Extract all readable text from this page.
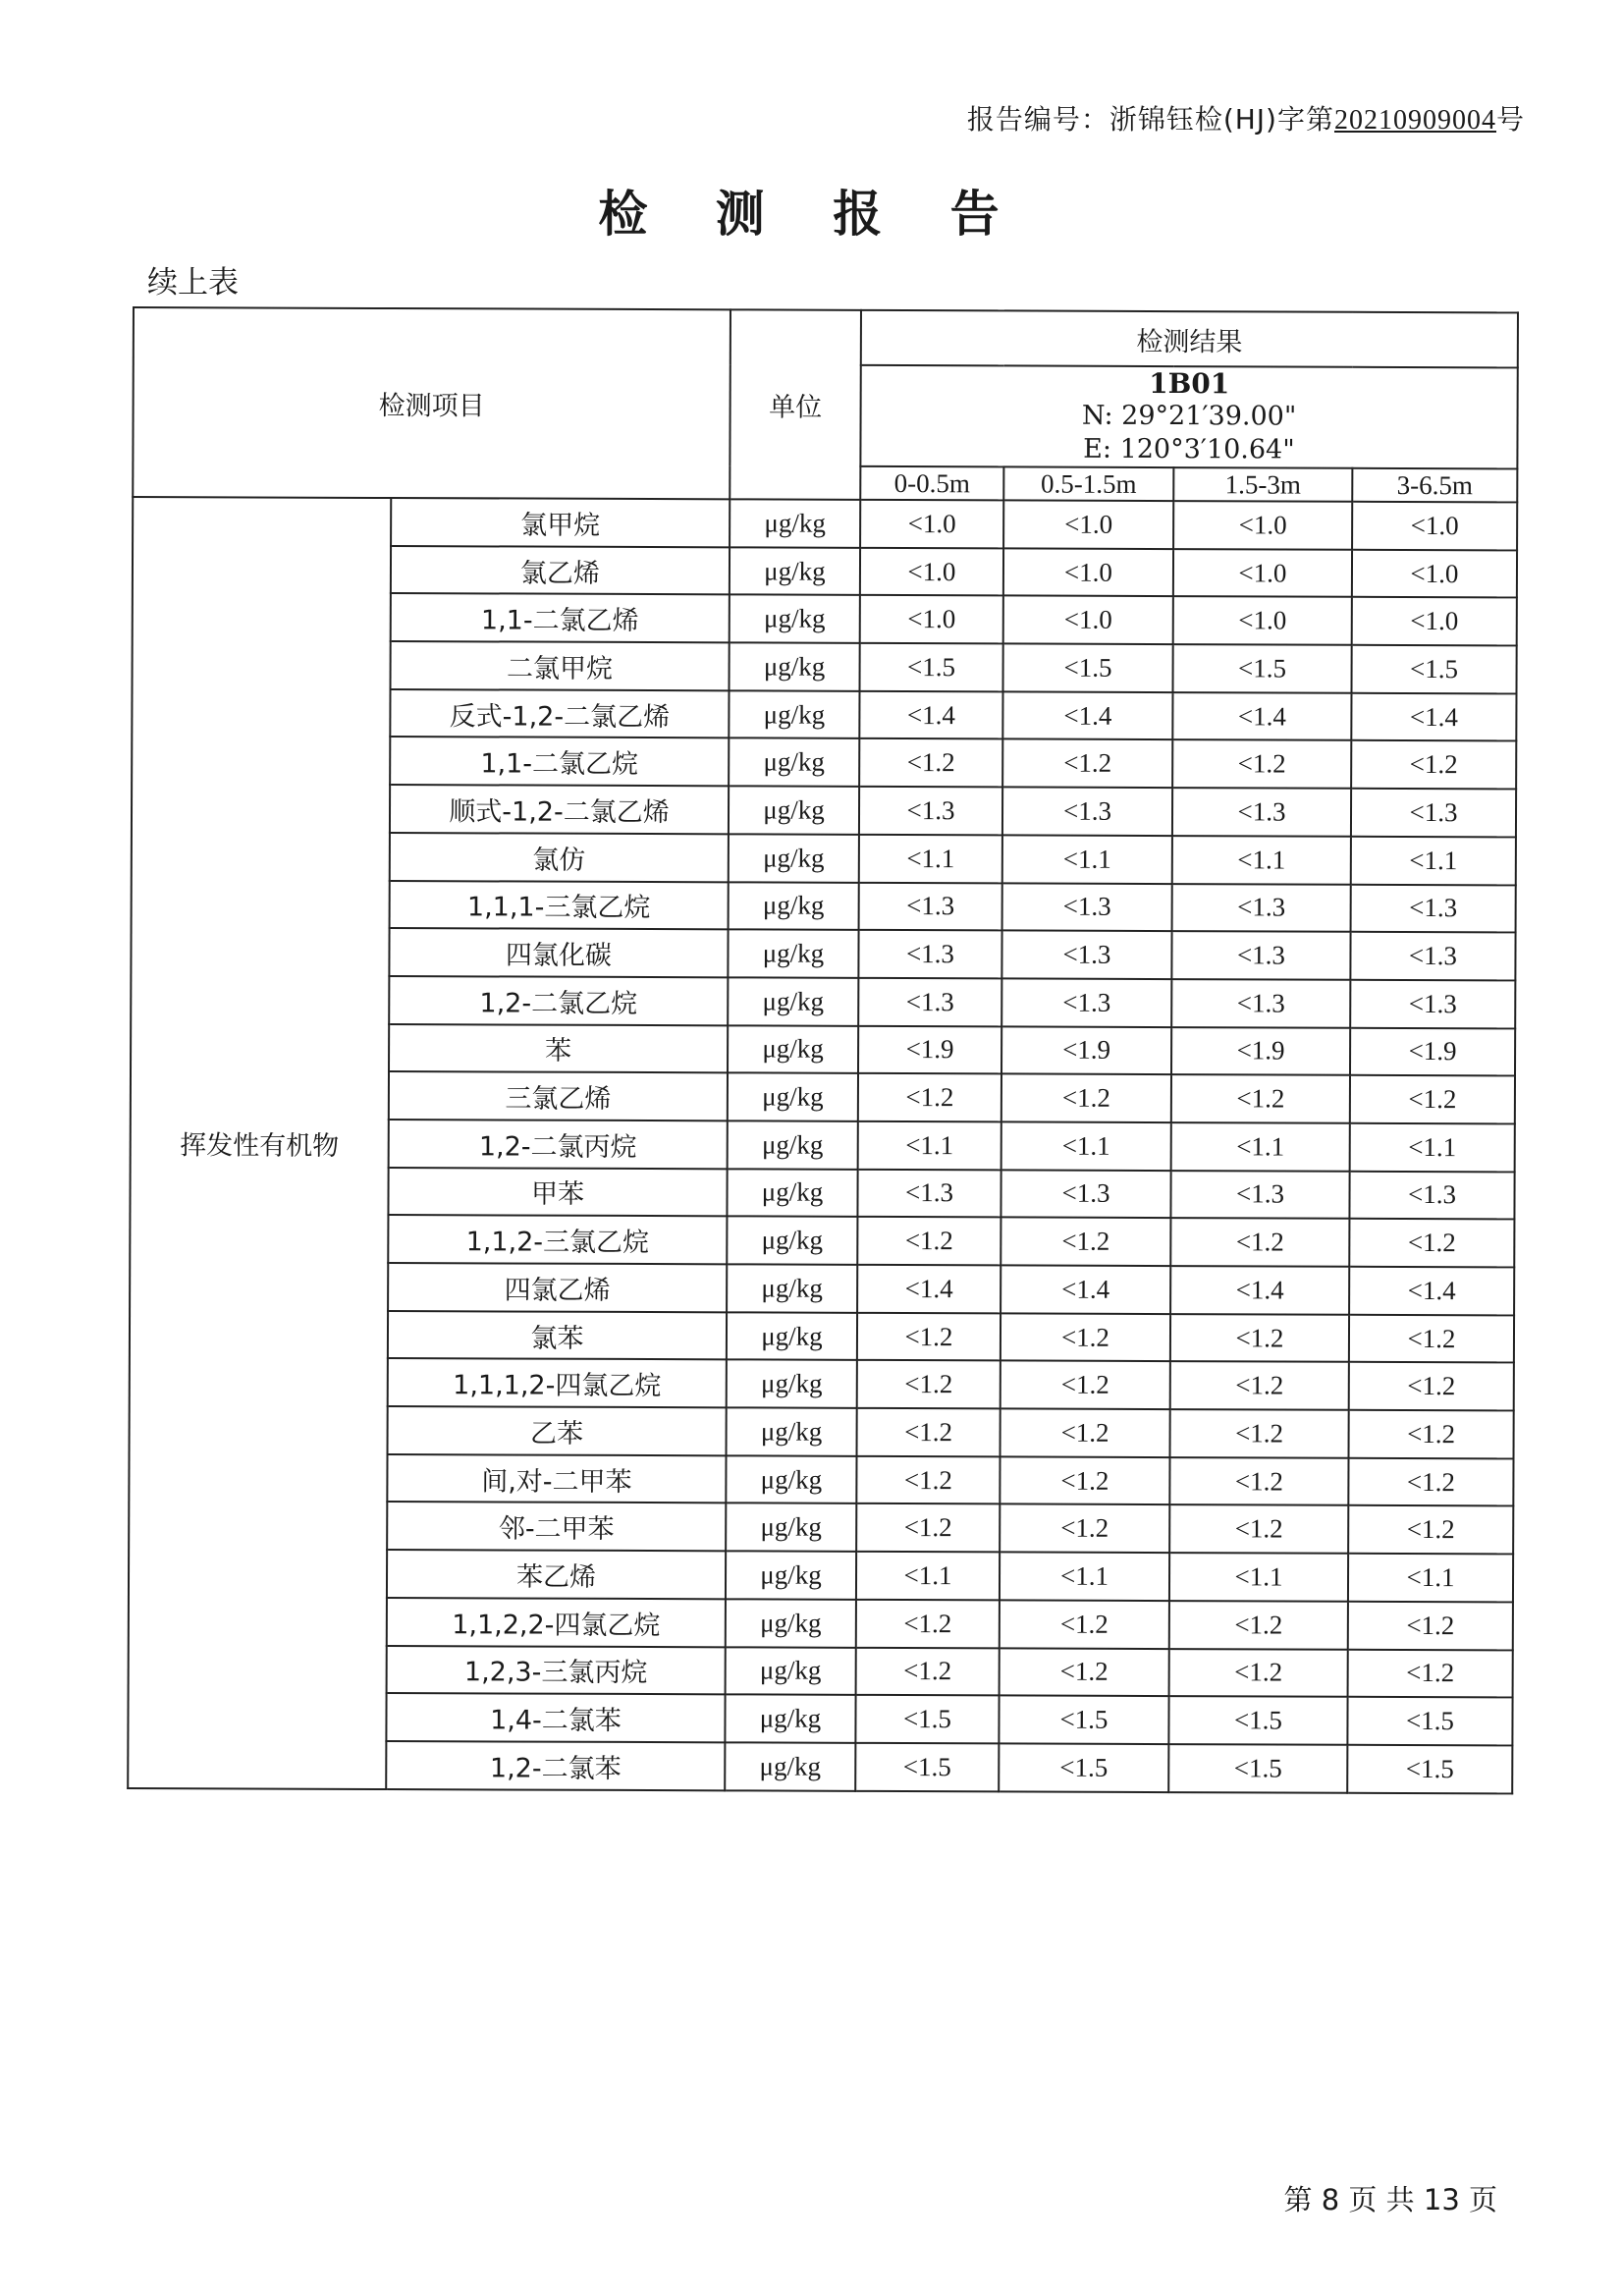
报告编号：浙锦钰检(HJ)字第20210909004号
检 测 报 告
续上表
检测项目		单位	检测结果			

			1B01
N: 29°21′39.00"
E: 120°3′10.64"			

			0-0.5m	0.5-1.5m	1.5-3m	3-6.5m
挥发性有机物	氯甲烷	μg/kg	<1.0	<1.0	<1.0	<1.0
	氯乙烯	μg/kg	<1.0	<1.0	<1.0	<1.0
	1,1-二氯乙烯	μg/kg	<1.0	<1.0	<1.0	<1.0
	二氯甲烷	μg/kg	<1.5	<1.5	<1.5	<1.5
	反式-1,2-二氯乙烯	μg/kg	<1.4	<1.4	<1.4	<1.4
	1,1-二氯乙烷	μg/kg	<1.2	<1.2	<1.2	<1.2
	顺式-1,2-二氯乙烯	μg/kg	<1.3	<1.3	<1.3	<1.3
	氯仿	μg/kg	<1.1	<1.1	<1.1	<1.1
	1,1,1-三氯乙烷	μg/kg	<1.3	<1.3	<1.3	<1.3
	四氯化碳	μg/kg	<1.3	<1.3	<1.3	<1.3
	1,2-二氯乙烷	μg/kg	<1.3	<1.3	<1.3	<1.3
	苯	μg/kg	<1.9	<1.9	<1.9	<1.9
	三氯乙烯	μg/kg	<1.2	<1.2	<1.2	<1.2
	1,2-二氯丙烷	μg/kg	<1.1	<1.1	<1.1	<1.1
	甲苯	μg/kg	<1.3	<1.3	<1.3	<1.3
	1,1,2-三氯乙烷	μg/kg	<1.2	<1.2	<1.2	<1.2
	四氯乙烯	μg/kg	<1.4	<1.4	<1.4	<1.4
	氯苯	μg/kg	<1.2	<1.2	<1.2	<1.2
	1,1,1,2-四氯乙烷	μg/kg	<1.2	<1.2	<1.2	<1.2
	乙苯	μg/kg	<1.2	<1.2	<1.2	<1.2
	间,对-二甲苯	μg/kg	<1.2	<1.2	<1.2	<1.2
	邻-二甲苯	μg/kg	<1.2	<1.2	<1.2	<1.2
	苯乙烯	μg/kg	<1.1	<1.1	<1.1	<1.1
	1,1,2,2-四氯乙烷	μg/kg	<1.2	<1.2	<1.2	<1.2
	1,2,3-三氯丙烷	μg/kg	<1.2	<1.2	<1.2	<1.2
	1,4-二氯苯	μg/kg	<1.5	<1.5	<1.5	<1.5
	1,2-二氯苯	μg/kg	<1.5	<1.5	<1.5	<1.5
第 8 页 共 13 页
